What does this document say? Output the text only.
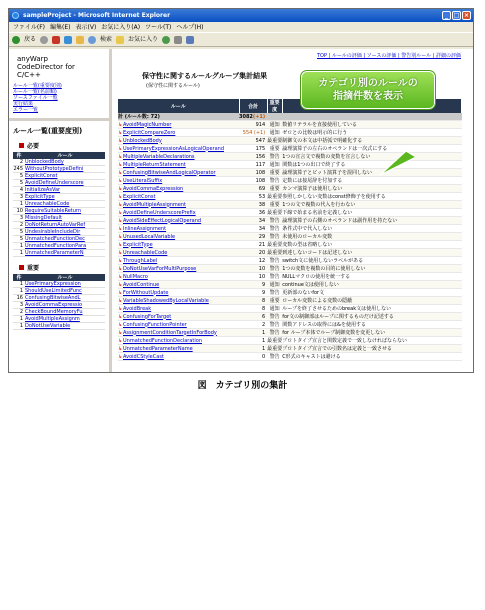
sampleProject - Microsoft Internet Explorer	_ □ ×
ファイル(F) 編集(E) 表示(V) お気に入り(A) ツール(T) ヘルプ(H)
戻る	検索	お気に入り
anyWarp
CodeDirector for
C/C++
ルール一覧(重要度別)
ルール一覧(名前順)
ソースファイル一覧
実行結果
エラー一覧
ルール一覧(重要度別)
必要
件	ルール
2	UnblockedBody
245	WithoutPrototypeDefini
5	ExplicitConst
5	AvoidDefineUnderscore
4	InitializeAsVar
3	ExplicitType
1	UnreachableCode
10	RequireSuitableReturn
3	MissingDefault
2	DoNotReturnAutoVarRef
5	UndesirableIncludeDir
5	UnmatchedFunctionDec
1	UnmatchedFunctionPara
1	UnmatchedParameterN
重要
件	ルール
1	UsePrimaryExpression
1	ShouldUseLimitedFunc
16	ConfusingBitwiseAndL
3	AvoidCommaExpressio
2	CheckBoundMemoryFu
1	AvoidMultipleAssignm
1	DoNotUseVariable
TOP | ルールの評価 | ソースの評価 | 警告別ルール | 詳細の評価
保守性に関するルールグループ集計結果
(保守性に関するルール)
ルール	合計	重要度	
計 (ルール数: 72)	3082(+1)		
↳AvoidMagicNumber	914	通知	数値リテラルを直接使用している
↳ExplicitCompareZero	554 (+1)	通知	ゼロとの比較は明示的に行う
↳UnblockedBody	547	最重要	制御文の本文は中括弧で明確化する
↳UsePrimaryExpressionAsLogicalOperand	175	重要	論理演算子の左右のオペランドは一次式にする
↳MultipleVariableDeclarations	156	警告	1つの宣言文で複数の変数を宣言しない
↳MultipleReturnStatement	117	通知	関数は1つの出口で終了する
↳ConfusingBitwiseAndLogicalOperator	108	重要	論理演算子とビット演算子を混同しない
↳UseLiteralSuffix	108	警告	定数には接尾辞を付加する
↳AvoidCommaExpression	69	重要	カンマ演算子は使用しない
↳ExplicitConst	53	最重要	参照しかしない変数はconst修飾子を使用する
↳AvoidMultipleAssignment	38	重要	1つの文で複数の代入を行わない
↳AvoidDefineUnderscorePrefix	36	最重要	下線で始まる名前を定義しない
↳AvoidSideEffectLogicalOperand	34	警告	論理演算子の右側のオペランドは副作用を持たない
↳InlineAssignment	34	警告	条件式中で代入しない
↳UnusedLocalVariable	29	警告	未使用のローカル変数
↳ExplicitType	21	最重要	変数の型は省略しない
↳UnreachableCode	20	最重要	到達しないコードは記述しない
↳ThroughLabel	12	警告	switch文に使用しないラベルがある
↳DoNotUseVarForMultiPurpose	10	警告	1つの変数を複数の目的に使用しない
↳NullMacro	10	警告	NULLマクロの使用を統一する
↳AvoidContinue	9	通知	continue文は使用しない
↳ForWithoutUpdate	9	警告	更新部のないfor文
↳VariableShadowedByLocalVariable	8	重要	ローカル変数による変数の隠蔽
↳AvoidBreak	8	通知	ループを終了させるためのbreak文は使用しない
↳ConfusingForTarget	6	警告	for文の制御部はループに関するものだけ記述する
↳ConfusingFunctionPointer	2	警告	関数アドレスの取得には&を使用する
↳AssignmentConditionTargetInForBody	1	警告	for ループ本体でループ制御変数を変更しない
↳UnmatchedFunctionDeclaration	1	最重要	プロトタイプ宣言と関数定義で一致しなければならない
↳UnmatchedParameterName	1	最重要	プロトタイプ宣言での引数名は定義と一致させる
↳AvoidCStyleCast	0	警告	C形式のキャストは避ける
カテゴリ別のルールの
指摘件数を表示
図　カテゴリ別の集計
